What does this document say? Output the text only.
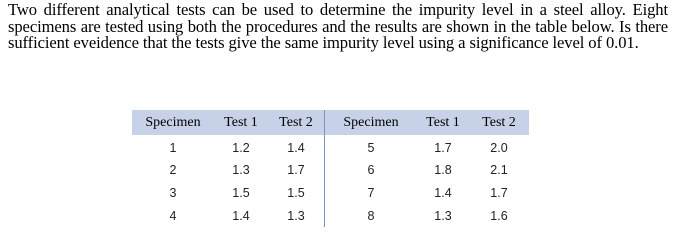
Two different analytical tests can be used to determine the impurity level in a steel alloy. Eight specimens are tested using both the procedures and the results are shown in the table below. Is there sufficient eveidence that the tests give the same impurity level using a significance level of 0.01.
Specimen	Test 1	Test 2	Specimen	Test 1	Test 2
1	1.2	1.4	5	1.7	2.0
2	1.3	1.7	6	1.8	2.1
3	1.5	1.5	7	1.4	1.7
4	1.4	1.3	8	1.3	1.6
